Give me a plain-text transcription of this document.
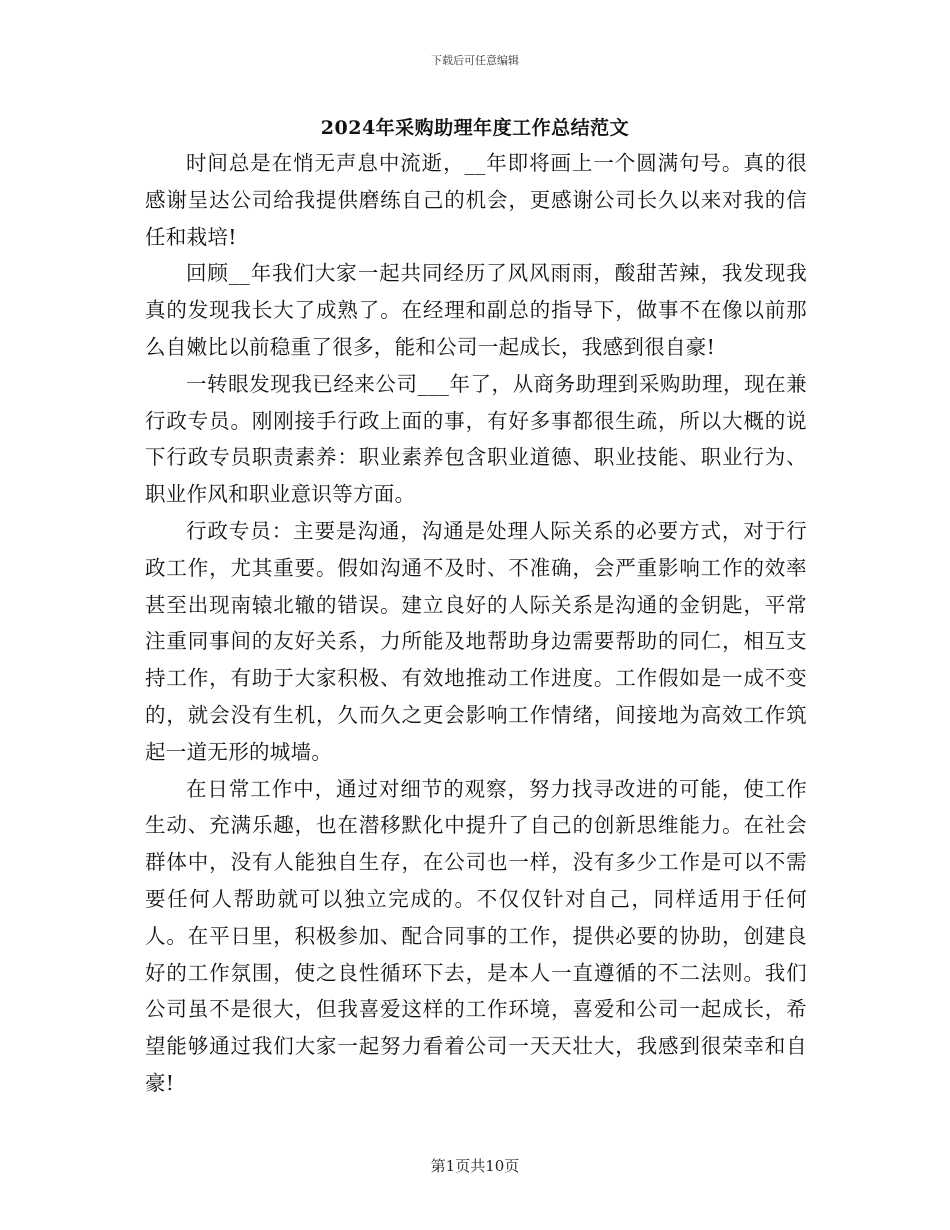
下载后可任意编辑
2024年采购助理年度工作总结范文

时间总是在悄无声息中流逝，__年即将画上一个圆满句号。真的很感谢呈达公司给我提供磨练自己的机会，更感谢公司长久以来对我的信任和栽培!

回顾__年我们大家一起共同经历了风风雨雨，酸甜苦辣，我发现我真的发现我长大了成熟了。在经理和副总的指导下，做事不在像以前那么自嫩比以前稳重了很多，能和公司一起成长，我感到很自豪!

一转眼发现我已经来公司___年了，从商务助理到采购助理，现在兼行政专员。刚刚接手行政上面的事，有好多事都很生疏，所以大概的说下行政专员职责素养：职业素养包含职业道德、职业技能、职业行为、职业作风和职业意识等方面。

行政专员：主要是沟通，沟通是处理人际关系的必要方式，对于行政工作，尤其重要。假如沟通不及时、不准确，会严重影响工作的效率甚至出现南辕北辙的错误。建立良好的人际关系是沟通的金钥匙，平常注重同事间的友好关系，力所能及地帮助身边需要帮助的同仁，相互支持工作，有助于大家积极、有效地推动工作进度。工作假如是一成不变的，就会没有生机，久而久之更会影响工作情绪，间接地为高效工作筑起一道无形的城墙。

在日常工作中，通过对细节的观察，努力找寻改进的可能，使工作生动、充满乐趣，也在潜移默化中提升了自己的创新思维能力。在社会群体中，没有人能独自生存，在公司也一样，没有多少工作是可以不需要任何人帮助就可以独立完成的。不仅仅针对自己，同样适用于任何人。在平日里，积极参加、配合同事的工作，提供必要的协助，创建良好的工作氛围，使之良性循环下去，是本人一直遵循的不二法则。我们公司虽不是很大，但我喜爱这样的工作环境，喜爱和公司一起成长，希望能够通过我们大家一起努力看着公司一天天壮大，我感到很荣幸和自豪!

第1页共10页
